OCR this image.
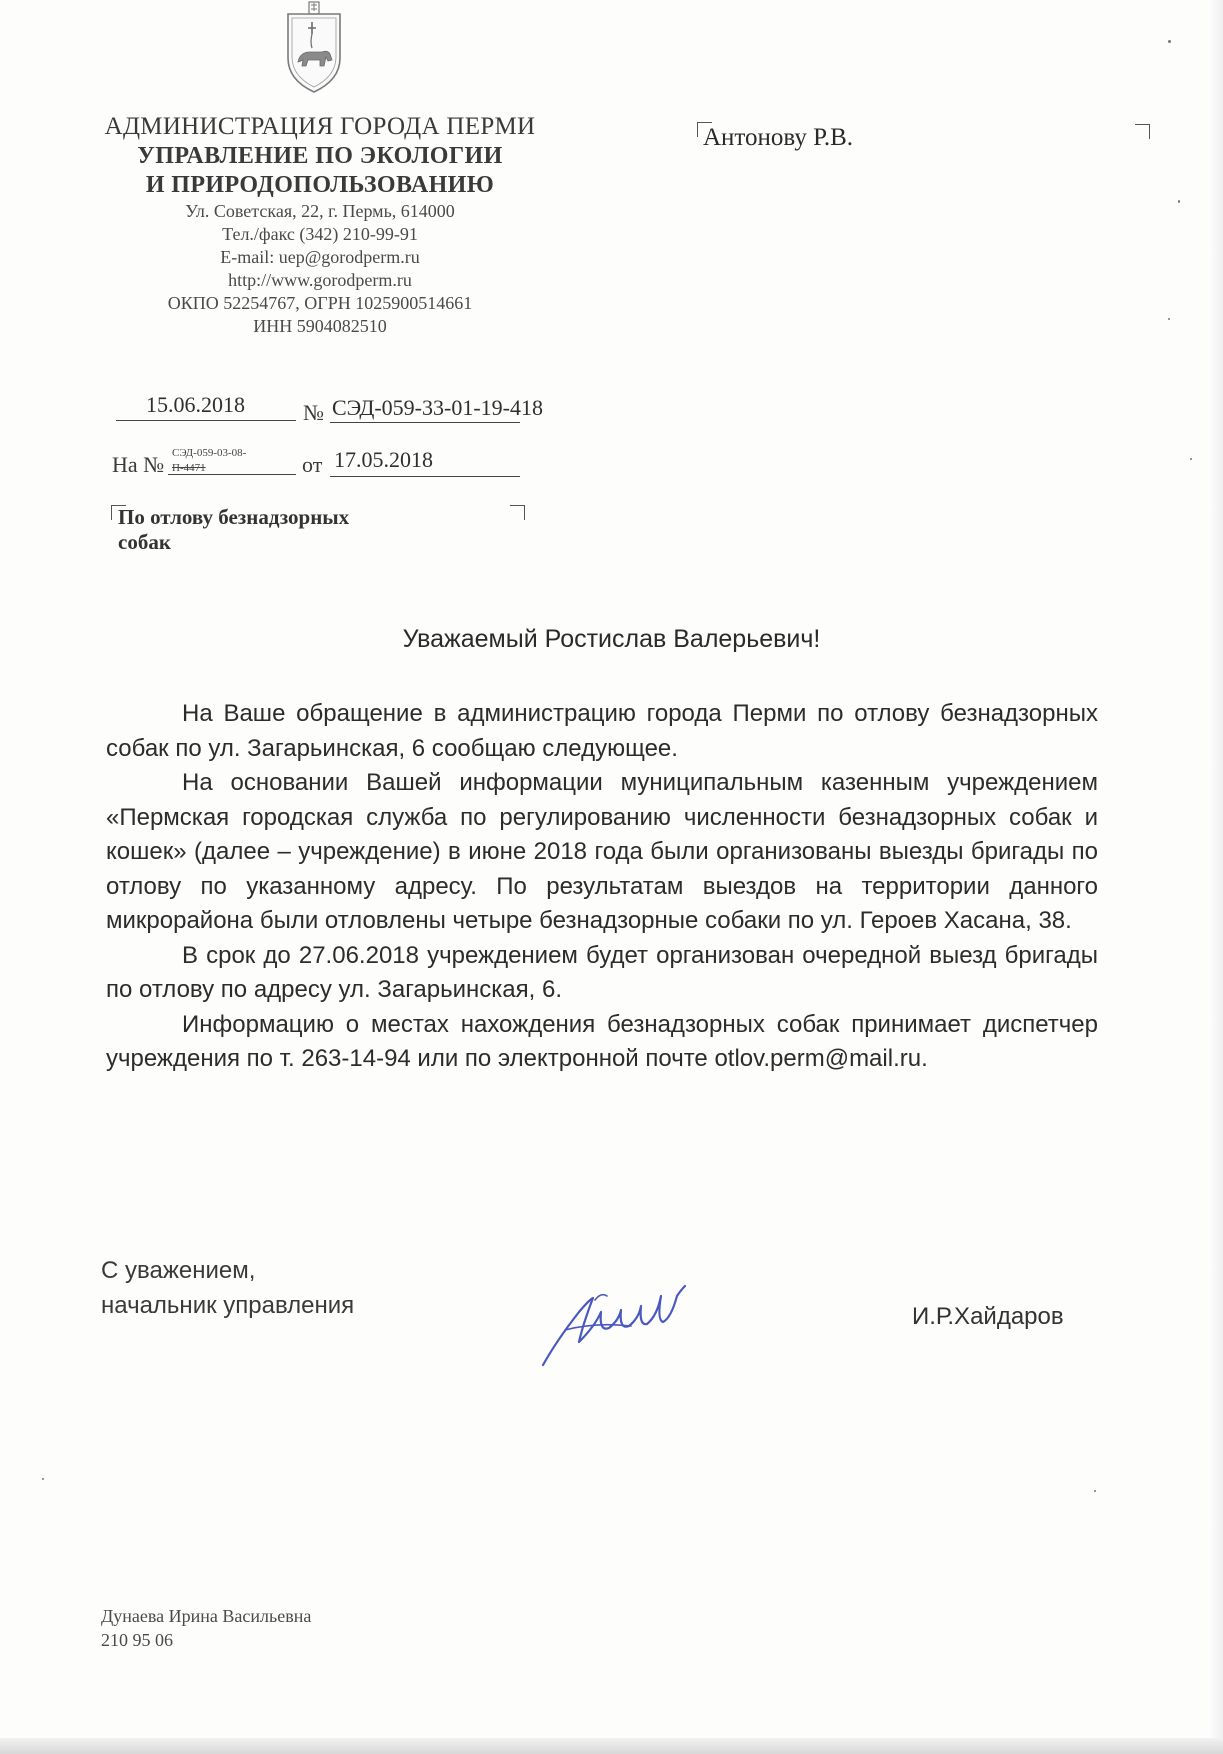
АДМИНИСТРАЦИЯ ГОРОДА ПЕРМИ
УПРАВЛЕНИЕ ПО ЭКОЛОГИИ
И ПРИРОДОПОЛЬЗОВАНИЮ
Ул. Советская, 22, г. Пермь, 614000
Тел./факс (342) 210-99-91
E-mail: uep@gorodperm.ru
http://www.gorodperm.ru
ОКПО 52254767, ОГРН 1025900514661
ИНН 5904082510
Антонову Р.В.
15.06.2018	№ СЭД-059-33-01-19-418
На № СЭД-059-03-08-
П-4471	от 17.05.2018
По отлову безнадзорных
собак
Уважаемый Ростислав Валерьевич!

На Ваше обращение в администрацию города Перми по отлову безнадзорных собак по ул. Загарьинская, 6 сообщаю следующее.

На основании Вашей информации муниципальным казенным учреждением «Пермская городская служба по регулированию численности безнадзорных собак и кошек» (далее – учреждение) в июне 2018 года были организованы выезды бригады по отлову по указанному адресу. По результатам выездов на территории данного микрорайона были отловлены четыре безнадзорные собаки по ул. Героев Хасана, 38.

В срок до 27.06.2018 учреждением будет организован очередной выезд бригады по отлову по адресу ул. Загарьинская, 6.

Информацию о местах нахождения безнадзорных собак принимает диспетчер учреждения по т. 263-14-94 или по электронной почте otlov.perm@mail.ru.

С уважением,
начальник управления	И.Р.Хайдаров
Дунаева Ирина Васильевна
210 95 06
